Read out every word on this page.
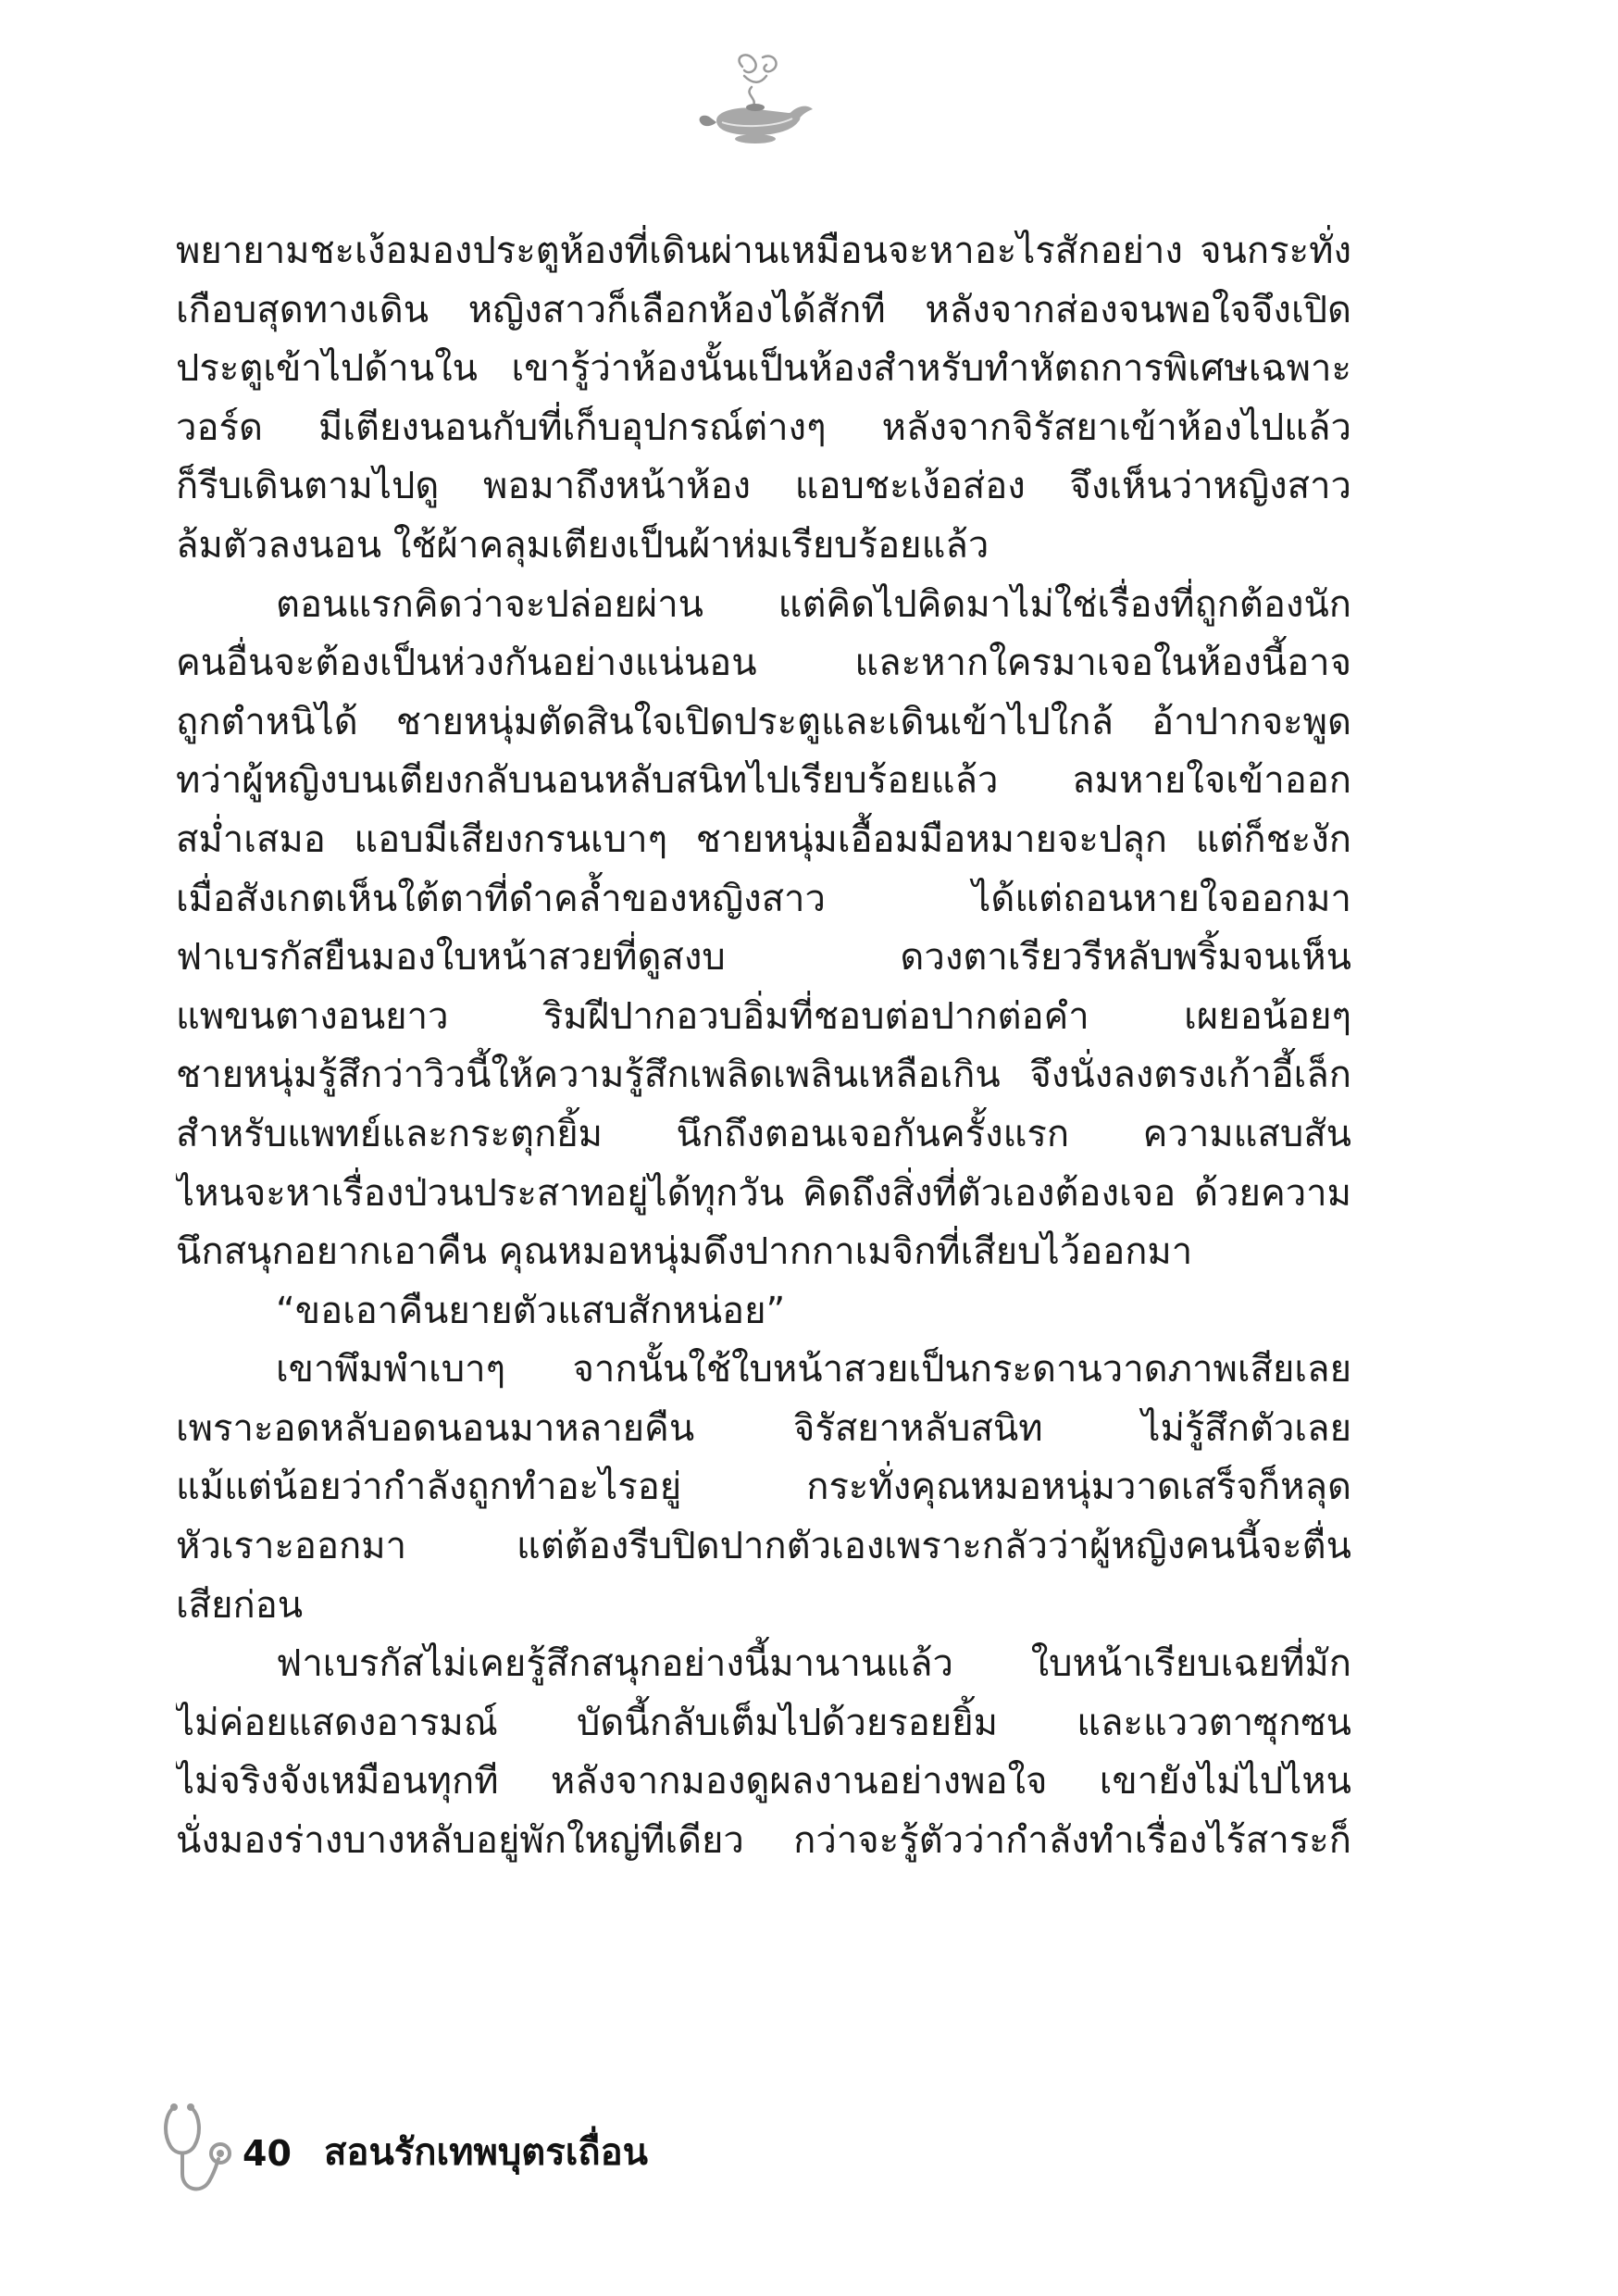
พยายามชะเง้อมองประตูห้องที่เดินผ่านเหมือนจะหาอะไรสักอย่าง จนกระทั่ง
เกือบสุดทางเดิน หญิงสาวก็เลือกห้องได้สักที หลังจากส่องจนพอใจจึงเปิด
ประตูเข้าไปด้านใน เขารู้ว่าห้องนั้นเป็นห้องสำหรับทำหัตถการพิเศษเฉพาะ
วอร์ด มีเตียงนอนกับที่เก็บอุปกรณ์ต่างๆ หลังจากจิรัสยาเข้าห้องไปแล้ว
ก็รีบเดินตามไปดู พอมาถึงหน้าห้อง แอบชะเง้อส่อง จึงเห็นว่าหญิงสาว
ล้มตัวลงนอน ใช้ผ้าคลุมเตียงเป็นผ้าห่มเรียบร้อยแล้ว
ตอนแรกคิดว่าจะปล่อยผ่าน แต่คิดไปคิดมาไม่ใช่เรื่องที่ถูกต้องนัก
คนอื่นจะต้องเป็นห่วงกันอย่างแน่นอน และหากใครมาเจอในห้องนี้อาจ
ถูกตำหนิได้ ชายหนุ่มตัดสินใจเปิดประตูและเดินเข้าไปใกล้ อ้าปากจะพูด
ทว่าผู้หญิงบนเตียงกลับนอนหลับสนิทไปเรียบร้อยแล้ว ลมหายใจเข้าออก
สม่ำเสมอ แอบมีเสียงกรนเบาๆ ชายหนุ่มเอื้อมมือหมายจะปลุก แต่ก็ชะงัก
เมื่อสังเกตเห็นใต้ตาที่ดำคล้ำของหญิงสาว ได้แต่ถอนหายใจออกมา
ฟาเบรกัสยืนมองใบหน้าสวยที่ดูสงบ ดวงตาเรียวรีหลับพริ้มจนเห็น
แพขนตางอนยาว ริมฝีปากอวบอิ่มที่ชอบต่อปากต่อคำ เผยอน้อยๆ
ชายหนุ่มรู้สึกว่าวิวนี้ให้ความรู้สึกเพลิดเพลินเหลือเกิน จึงนั่งลงตรงเก้าอี้เล็ก
สำหรับแพทย์และกระตุกยิ้ม นึกถึงตอนเจอกันครั้งแรก ความแสบสัน
ไหนจะหาเรื่องป่วนประสาทอยู่ได้ทุกวัน คิดถึงสิ่งที่ตัวเองต้องเจอ ด้วยความ
นึกสนุกอยากเอาคืน คุณหมอหนุ่มดึงปากกาเมจิกที่เสียบไว้ออกมา
“ขอเอาคืนยายตัวแสบสักหน่อย”
เขาพึมพำเบาๆ จากนั้นใช้ใบหน้าสวยเป็นกระดานวาดภาพเสียเลย
เพราะอดหลับอดนอนมาหลายคืน จิรัสยาหลับสนิท ไม่รู้สึกตัวเลย
แม้แต่น้อยว่ากำลังถูกทำอะไรอยู่ กระทั่งคุณหมอหนุ่มวาดเสร็จก็หลุด
หัวเราะออกมา แต่ต้องรีบปิดปากตัวเองเพราะกลัวว่าผู้หญิงคนนี้จะตื่น
เสียก่อน
ฟาเบรกัสไม่เคยรู้สึกสนุกอย่างนี้มานานแล้ว ใบหน้าเรียบเฉยที่มัก
ไม่ค่อยแสดงอารมณ์ บัดนี้กลับเต็มไปด้วยรอยยิ้ม และแววตาซุกซน
ไม่จริงจังเหมือนทุกที หลังจากมองดูผลงานอย่างพอใจ เขายังไม่ไปไหน
นั่งมองร่างบางหลับอยู่พักใหญ่ทีเดียว กว่าจะรู้ตัวว่ากำลังทำเรื่องไร้สาระก็
40 สอนรักเทพบุตรเถื่อน
